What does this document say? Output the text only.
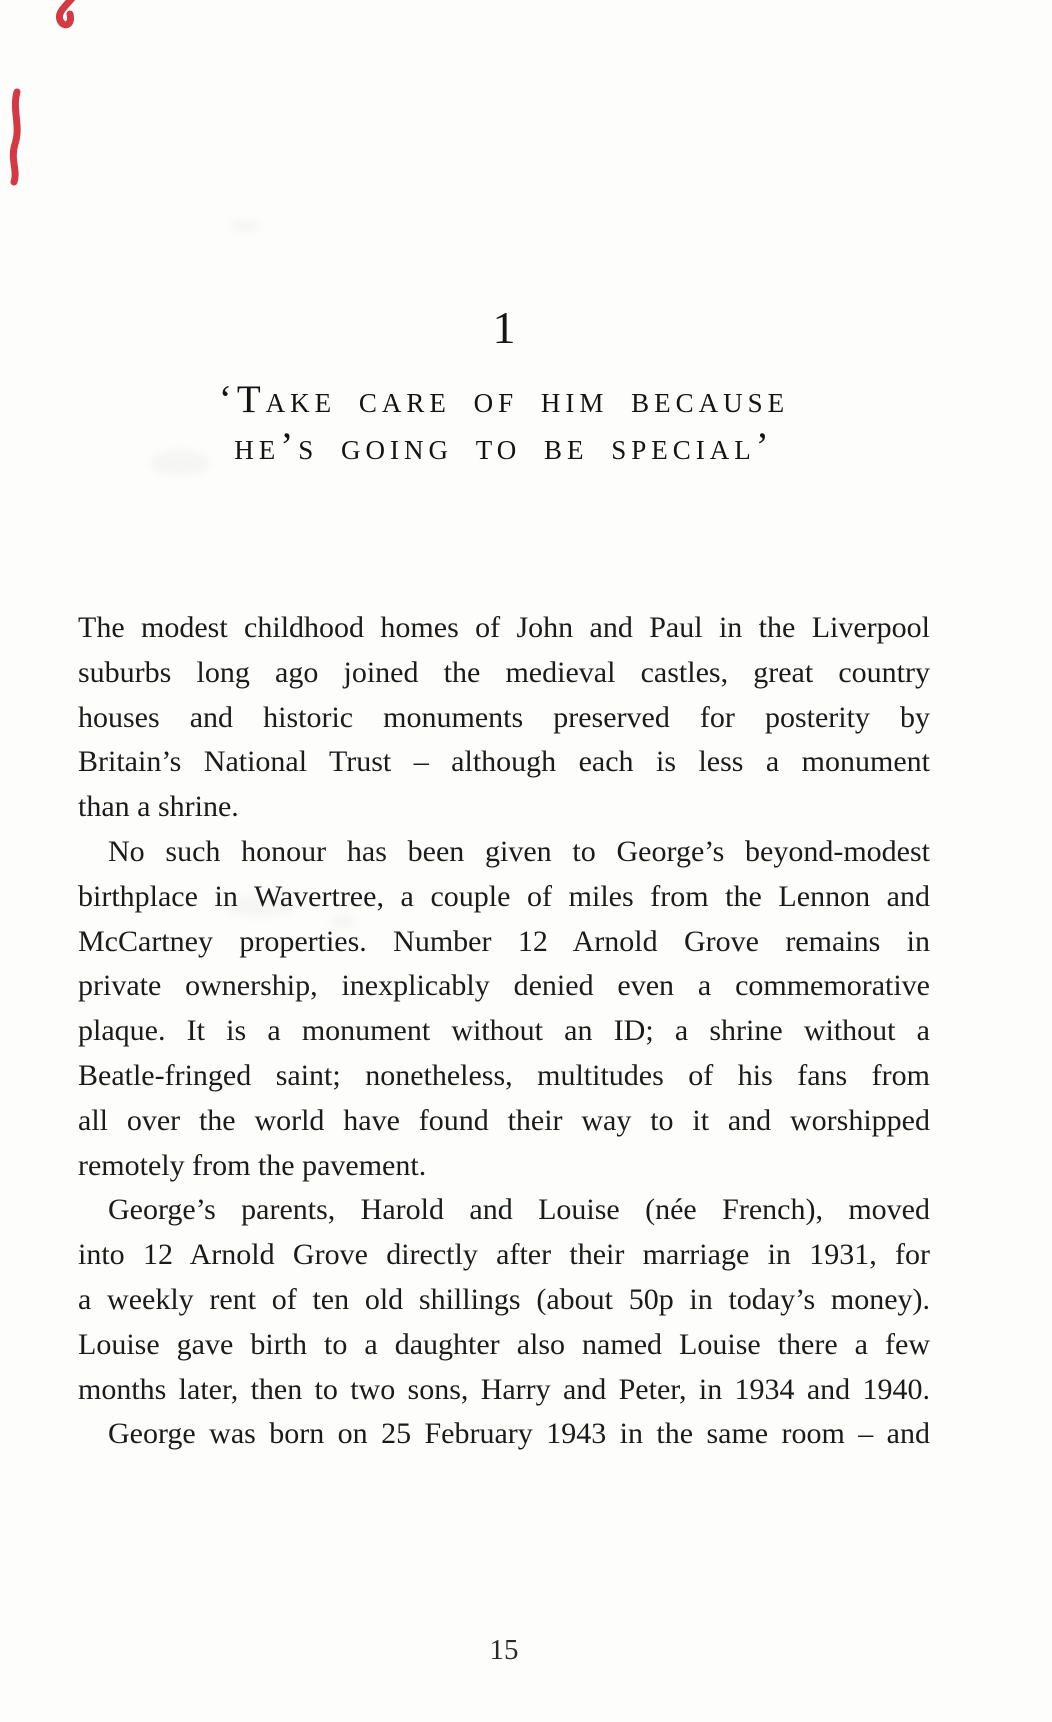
1
‘Take care of him because
he’s going to be special’
The modest childhood homes of John and Paul in the Liverpool
suburbs long ago joined the medieval castles, great country
houses and historic monuments preserved for posterity by
Britain’s National Trust – although each is less a monument
than a shrine.
No such honour has been given to George’s beyond-modest
birthplace in Wavertree, a couple of miles from the Lennon and
McCartney properties. Number 12 Arnold Grove remains in
private ownership, inexplicably denied even a commemorative
plaque. It is a monument without an ID; a shrine without a
Beatle-fringed saint; nonetheless, multitudes of his fans from
all over the world have found their way to it and worshipped
remotely from the pavement.
George’s parents, Harold and Louise (née French), moved
into 12 Arnold Grove directly after their marriage in 1931, for
a weekly rent of ten old shillings (about 50p in today’s money).
Louise gave birth to a daughter also named Louise there a few
months later, then to two sons, Harry and Peter, in 1934 and 1940.
George was born on 25 February 1943 in the same room – and
15
